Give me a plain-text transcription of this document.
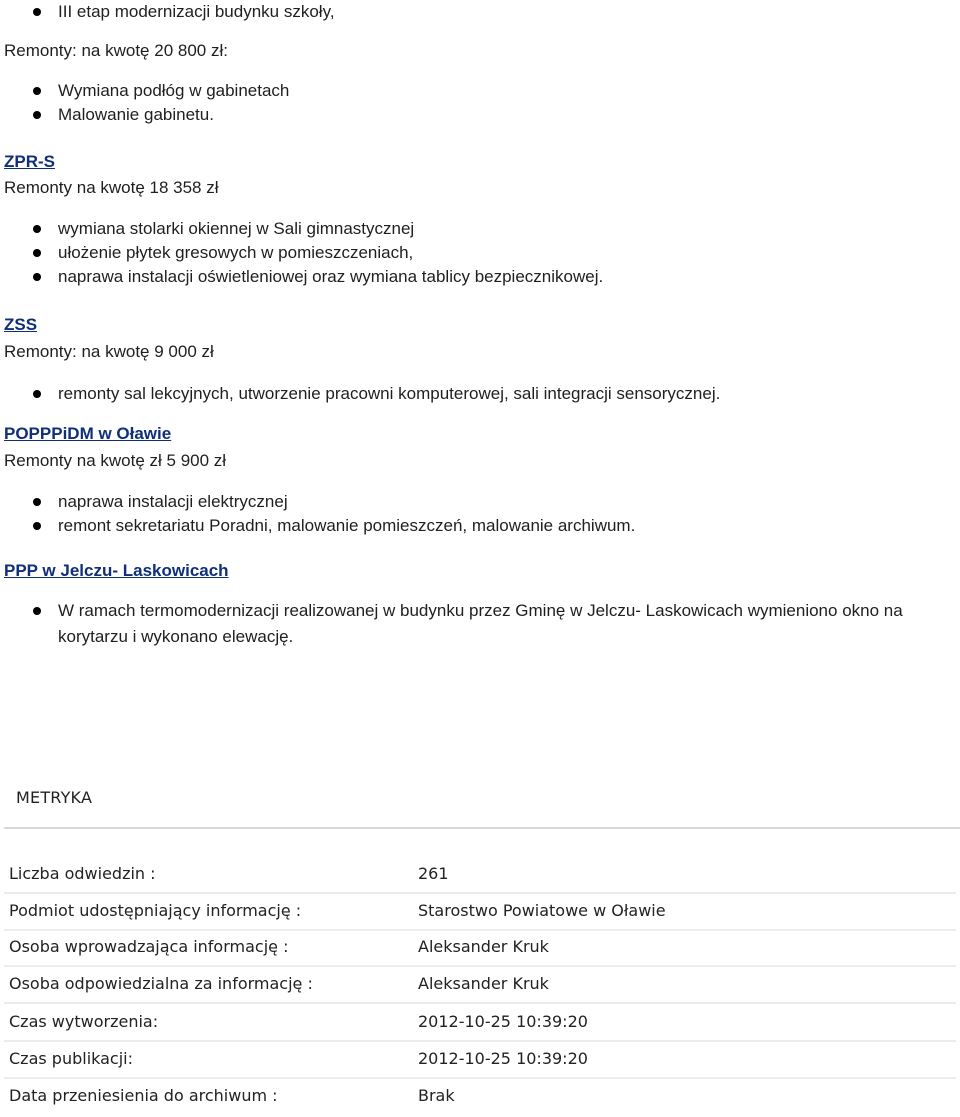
III etap modernizacji budynku szkoły,
Remonty: na kwotę 20 800 zł:
Wymiana podłóg w gabinetach
Malowanie gabinetu.
ZPR-S
Remonty na kwotę 18 358 zł
wymiana stolarki okiennej w Sali gimnastycznej
ułożenie płytek gresowych w pomieszczeniach,
naprawa instalacji oświetleniowej oraz wymiana tablicy bezpiecznikowej.
ZSS
Remonty: na kwotę 9 000 zł
remonty sal lekcyjnych, utworzenie pracowni komputerowej, sali integracji sensorycznej.
POPPPiDM w Oławie
Remonty na kwotę zł 5 900 zł
naprawa instalacji elektrycznej
remont sekretariatu Poradni, malowanie pomieszczeń, malowanie archiwum.
PPP w Jelczu- Laskowicach
W ramach termomodernizacji realizowanej w budynku przez Gminę w Jelczu- Laskowicach wymieniono okno na korytarzu i wykonano elewację.
METRYKA
Liczba odwiedzin :	261
Podmiot udostępniający informację :	Starostwo Powiatowe w Oławie
Osoba wprowadzająca informację :	Aleksander Kruk
Osoba odpowiedzialna za informację :	Aleksander Kruk
Czas wytworzenia:	2012-10-25 10:39:20
Czas publikacji:	2012-10-25 10:39:20
Data przeniesienia do archiwum :	Brak
